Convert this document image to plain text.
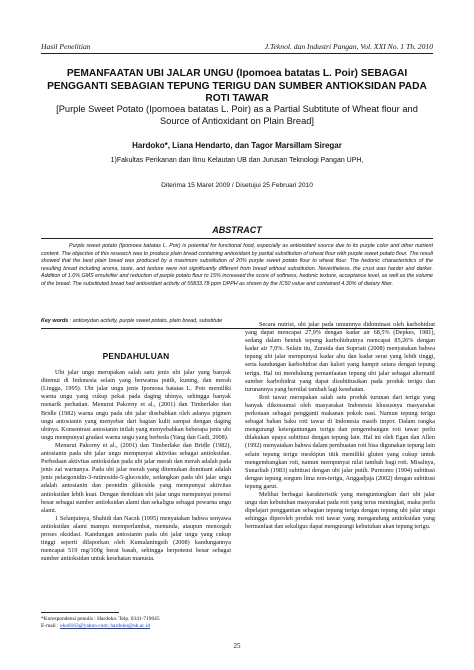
Hasil Penelitian	J.Teknol. dan Industri Pangan, Vol. XXI No. 1 Th. 2010
PEMANFAATAN UBI JALAR UNGU (Ipomoea batatas L. Poir) SEBAGAI PENGGANTI SEBAGIAN TEPUNG TERIGU DAN SUMBER ANTIOKSIDAN PADA ROTI TAWAR
[Purple Sweet Potato (Ipomoea batatas L. Poir) as a Partial Subtitute of Wheat flour and Source of Antioxidant on Plain Bread]
Hardoko*, Liana Hendarto, dan Tagor Marsillam Siregar
1)Fakultas Perikanan dan Ilmu Kelautan UB dan Jurusan Teknologi Pangan UPH,
Diterima 15 Maret 2009 / Disetujui 25 Februari 2010
ABSTRACT
Purple sweet potato (Ipomoea batatas L. Poir) is potential for functional food, especially as antioxidant source due to its purple color and other nutrient content. The objective of this research was to produce plain bread containing antioxidant by partial substitution of wheat flour with purple sweet potato flour. The result showed that the best plain bread was produced by a maximum substitution of 20% purple sweet potato flour to wheat flour. The hedonic characteristics of the resulting bread including aroma, taste, and texture were not significantly different from bread without substitution. Nevertheless, the crust was harder and darker. Addition of 1.0% GMS emulsifier and reduction of purple potato flour to 15% increased the score of softness, hedonic texture, acceptance level, as well as the volume of the bread. The substituted bread had antioxidant activity of 55833.78 ppm DPPH as shown by the IC50 value and contained 4.30% of dietary fiber.
Key words : antioxydan activity, purple sweet potato, plain bread, substitute
PENDAHULUAN

Ubi jalar ungu merupakan salah satu jenis ubi jalar yang banyak ditemui di Indonesia selain yang berwarna putih, kuning, dan merah (Lingga, 1995). Ubi jalar ungu jenis Ipomoea batatas L. Poir memiliki warna ungu yang cukup pekat pada daging ubinya, sehingga banyak menarik perhatian. Menurut Pakorny et al., (2001) dan Timberlake dan Bridle (1982) warna ungu pada ubi jalar disebabkan oleh adanya pigmen ungu antosianin yang menyebar dari bagian kulit sampai dengan daging ubinya. Konsentrasi antosianin inilah yang menyebabkan beberapa jenis ubi ungu mempunyai gradasi warna ungu yang berbeda (Yang dan Gadi, 2008).

Menurut Pakorny et al., (2001) dan Timberlake dan Bridle (1982), antosianin pada ubi jalar ungu mempunyai aktivitas sebagai antioksidan. Perbedaan aktivitas antioksidan pada ubi jalar merah dan merah adalah pada jenis zat warnanya. Pada ubi jalar merah yang ditemukan dominant adalah jenis pelargonidin-3-rutinoside-5-glucoside, sedangkan pada ubi jalar ungu adalah antosianin dan peonidin glikosida yang mempunyai aktivitas antioksidan lebih kuat. Dengan demikian ubi jalar ungu mempunyai potensi besar sebagai sumber antioksidan alami dan sekaligus sebagai pewarna ungu alami.

1 Selanjutnya, Shahidi dan Naczk (1995) menyatakan bahwa senyawa antioksidan alami mampu memperlambat, menunda, ataupun mencegah proses oksidasi. Kandungan antosianin pada ubi jalar ungu yang cukup tinggi seperti dilaporkan oleh Kumalaningsih (2008) kandungannya mencapai 519 mg/100g berat basah, sehingga berpotensi besar sebagai sumber antioksidan untuk kesehatan manusia.

Secara nutrisi, ubi jalar pada umumnya didominasi oleh karbohidrat yang dapat mencapai 27,9% dengan kadar air 68,5% (Depkes, 1981), sedang dalam bentuk tepung karbohidratnya mencapai 85,26% dengan kadar air 7,0%. Selain itu, Zuraida dan Supriati (2008) menyatakan bahwa tepung ubi jalar mempunyai kadar abu dan kadar serat yang lebih tinggi, serta kandungan karbohidrat dan kalori yang hampir setara dengan tepung terigu. Hal ini mendukung pemanfaatan tepung ubi jalar sebagai alternatif sumber karbohidrat yang dapat disubtitusikan pada produk terigu dan turunannya yang bernilai tambah lagi kesehatan.

Roti tawar merupakan salah satu produk turunan dari terigu yang banyak dikonsumsi oleh masyarakat Indonesia khususnya masyarakat perkotaan sebagai pengganti makanan pokok nasi. Namun tepung terigu sebagai bahan baku roti tawar di Indonesia masih impor. Dalam rangka mengurangi ketergantungan terigu dan pengembangan roti tawar perlu dilakukan upaya subtitusi dengan tepung lain. Hal ini oleh Egan dan Allen (1992) menyatakan bahwa dalam pembuatan roti bisa digunakan tepung lain selain tepung terigu meskipun titik memiliki gluten yang cukup untuk mengembangkan roti, namun mempunyai nilai tambah bagi roti. Misalnya, Sunarliah (1983) subtitusi dengan ubi jalar putih. Purnomo (1994) subtitusi dengan tepung sorgum lima non-terigu, Anggadjaja (2002) dengan subtitusi tepung garut.

Melihat berbagai karakteristik yang menguntungkan dari ubi jalar ungu dan kebutuhan masyarakat pada roti yang terus meningkat, maka perlu dipelajari penggantian sebagian tepung terigu dengan tepung ubi jalar ungu sehingga diperoleh produk roti tawar yang mengandung antioksidan yang bermanfaat dan sekaligus dapat mengurangi kebutuhan akan tepung terigu.

*Korespondensi penulis : Hardoko. Telp. 0341-719045
E-mail : oko8163@yahoo.com; hardoko@ub.ac.id
25
